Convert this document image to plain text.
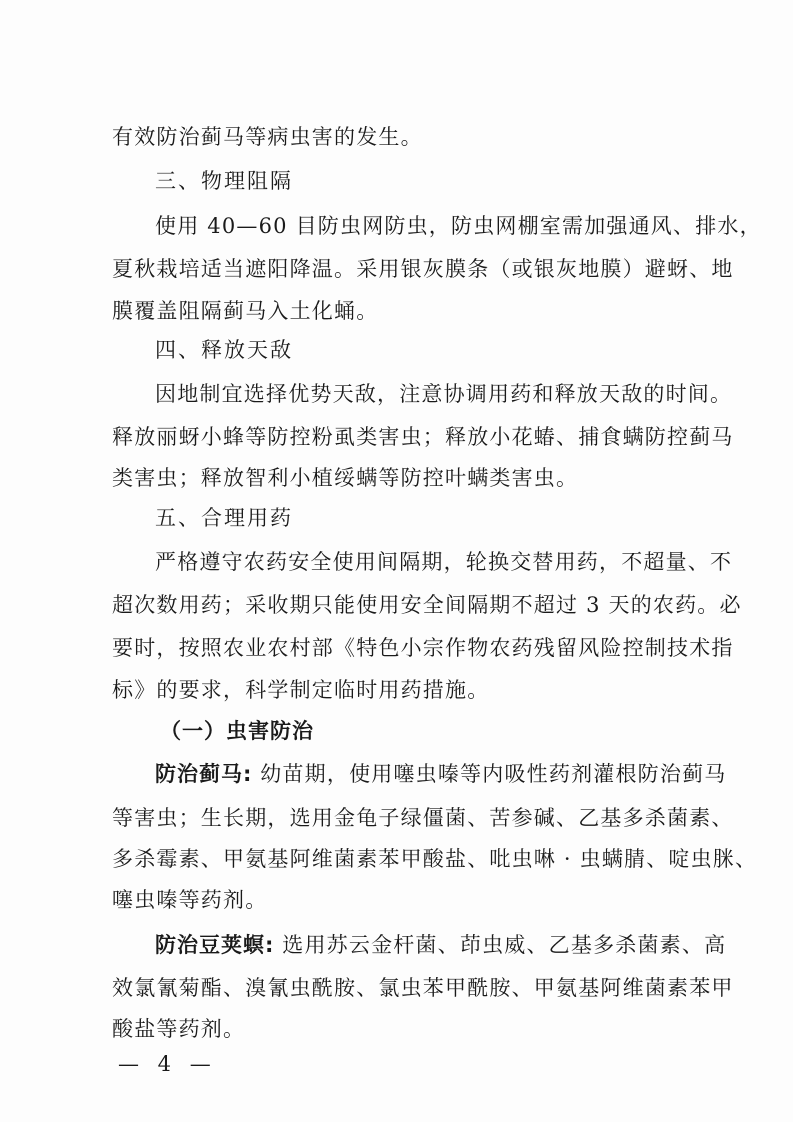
有效防治蓟马等病虫害的发生。
三、物理阻隔
使用 40—60 目防虫网防虫，防虫网棚室需加强通风、排水，
夏秋栽培适当遮阳降温。采用银灰膜条（或银灰地膜）避蚜、地
膜覆盖阻隔蓟马入土化蛹。
四、释放天敌
因地制宜选择优势天敌，注意协调用药和释放天敌的时间。
释放丽蚜小蜂等防控粉虱类害虫；释放小花蝽、捕食螨防控蓟马
类害虫；释放智利小植绥螨等防控叶螨类害虫。
五、合理用药
严格遵守农药安全使用间隔期，轮换交替用药，不超量、不
超次数用药；采收期只能使用安全间隔期不超过 3 天的农药。必
要时，按照农业农村部《特色小宗作物农药残留风险控制技术指
标》的要求，科学制定临时用药措施。
（一）虫害防治
防治蓟马: 幼苗期，使用噻虫嗪等内吸性药剂灌根防治蓟马
等害虫；生长期，选用金龟子绿僵菌、苦参碱、乙基多杀菌素、
多杀霉素、甲氨基阿维菌素苯甲酸盐、吡虫啉 · 虫螨腈、啶虫脒、
噻虫嗪等药剂。
防治豆荚螟: 选用苏云金杆菌、茚虫威、乙基多杀菌素、高
效氯氰菊酯、溴氰虫酰胺、氯虫苯甲酰胺、甲氨基阿维菌素苯甲
酸盐等药剂。
— 4 —
